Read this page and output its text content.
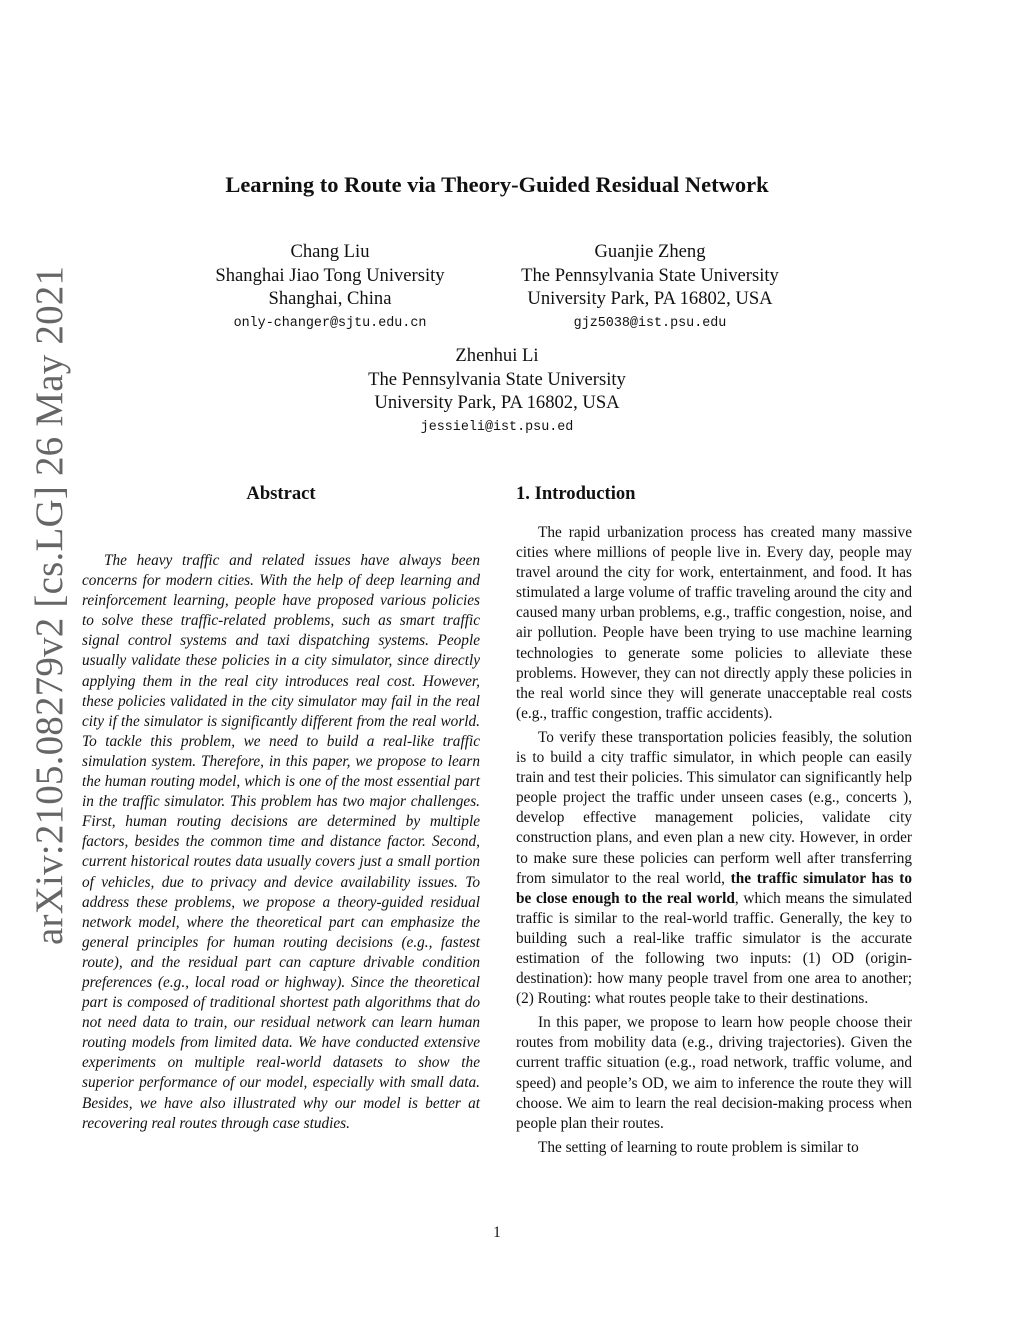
arXiv:2105.08279v2 [cs.LG] 26 May 2021
Learning to Route via Theory-Guided Residual Network
Chang Liu
Shanghai Jiao Tong University
Shanghai, China
only-changer@sjtu.edu.cn
Guanjie Zheng
The Pennsylvania State University
University Park, PA 16802, USA
gjz5038@ist.psu.edu
Zhenhui Li
The Pennsylvania State University
University Park, PA 16802, USA
jessieli@ist.psu.ed
Abstract

The heavy traffic and related issues have always been concerns for modern cities. With the help of deep learning and reinforcement learning, people have proposed various policies to solve these traffic-related problems, such as smart traffic signal control systems and taxi dispatching systems. People usually validate these policies in a city simulator, since directly applying them in the real city introduces real cost. However, these policies validated in the city simulator may fail in the real city if the simulator is significantly different from the real world. To tackle this problem, we need to build a real-like traffic simulation system. Therefore, in this paper, we propose to learn the human routing model, which is one of the most essential part in the traffic simulator. This problem has two major challenges. First, human routing decisions are determined by multiple factors, besides the common time and distance factor. Second, current historical routes data usually covers just a small portion of vehicles, due to privacy and device availability issues. To address these problems, we propose a theory-guided residual network model, where the theoretical part can emphasize the general principles for human routing decisions (e.g., fastest route), and the residual part can capture drivable condition preferences (e.g., local road or highway). Since the theoretical part is composed of traditional shortest path algorithms that do not need data to train, our residual network can learn human routing models from limited data. We have conducted extensive experiments on multiple real-world datasets to show the superior performance of our model, especially with small data. Besides, we have also illustrated why our model is better at recovering real routes through case studies.

1. Introduction

The rapid urbanization process has created many massive cities where millions of people live in. Every day, people may travel around the city for work, entertainment, and food. It has stimulated a large volume of traffic traveling around the city and caused many urban problems, e.g., traffic congestion, noise, and air pollution. People have been trying to use machine learning technologies to generate some policies to alleviate these problems. However, they can not directly apply these policies in the real world since they will generate unacceptable real costs (e.g., traffic congestion, traffic accidents).

To verify these transportation policies feasibly, the solution is to build a city traffic simulator, in which people can easily train and test their policies. This simulator can significantly help people project the traffic under unseen cases (e.g., concerts ), develop effective management policies, validate city construction plans, and even plan a new city. However, in order to make sure these policies can perform well after transferring from simulator to the real world, the traffic simulator has to be close enough to the real world, which means the simulated traffic is similar to the real-world traffic. Generally, the key to building such a real-like traffic simulator is the accurate estimation of the following two inputs: (1) OD (origin-destination): how many people travel from one area to another; (2) Routing: what routes people take to their destinations.

In this paper, we propose to learn how people choose their routes from mobility data (e.g., driving trajectories). Given the current traffic situation (e.g., road network, traffic volume, and speed) and people’s OD, we aim to inference the route they will choose. We aim to learn the real decision-making process when people plan their routes.

The setting of learning to route problem is similar to

1
